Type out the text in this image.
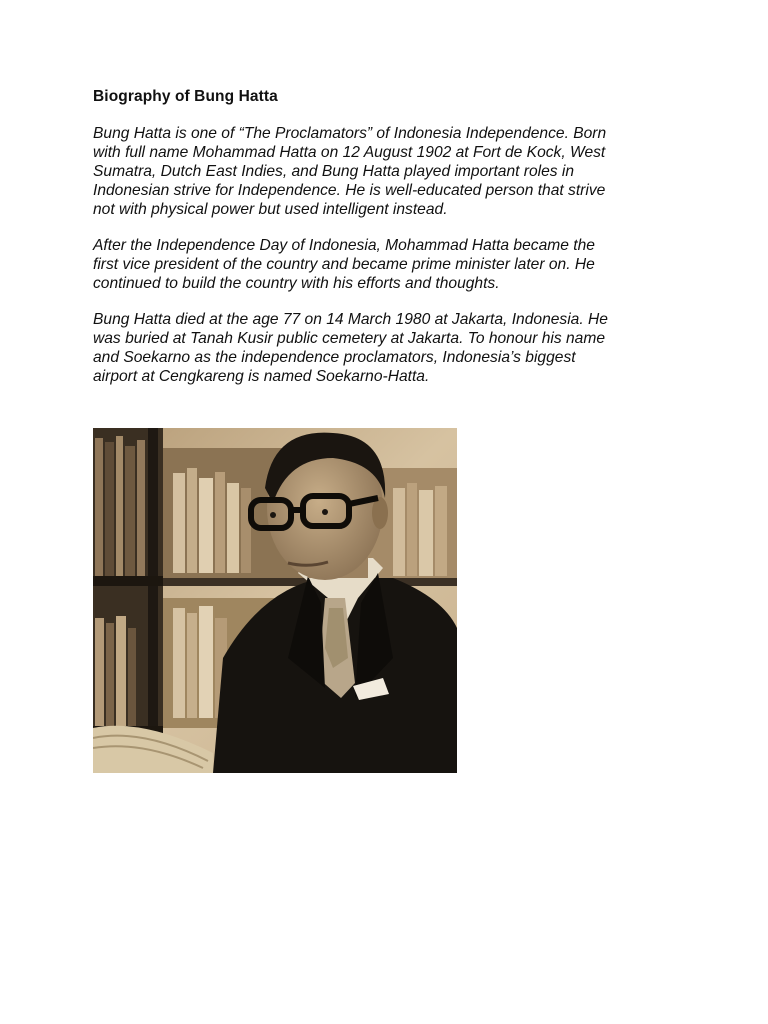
Biography of Bung Hatta

Bung Hatta is one of “The Proclamators” of Indonesia Independence. Born
with full name Mohammad Hatta on 12 August 1902 at Fort de Kock, West
Sumatra, Dutch East Indies, and Bung Hatta played important roles in
Indonesian strive for Independence. He is well-educated person that strive
not with physical power but used intelligent instead.

After the Independence Day of Indonesia, Mohammad Hatta became the
first vice president of the country and became prime minister later on. He
continued to build the country with his efforts and thoughts.

Bung Hatta died at the age 77 on 14 March 1980 at Jakarta, Indonesia. He
was buried at Tanah Kusir public cemetery at Jakarta. To honour his name
and Soekarno as the independence proclamators, Indonesia’s biggest
airport at Cengkareng is named Soekarno-Hatta.
